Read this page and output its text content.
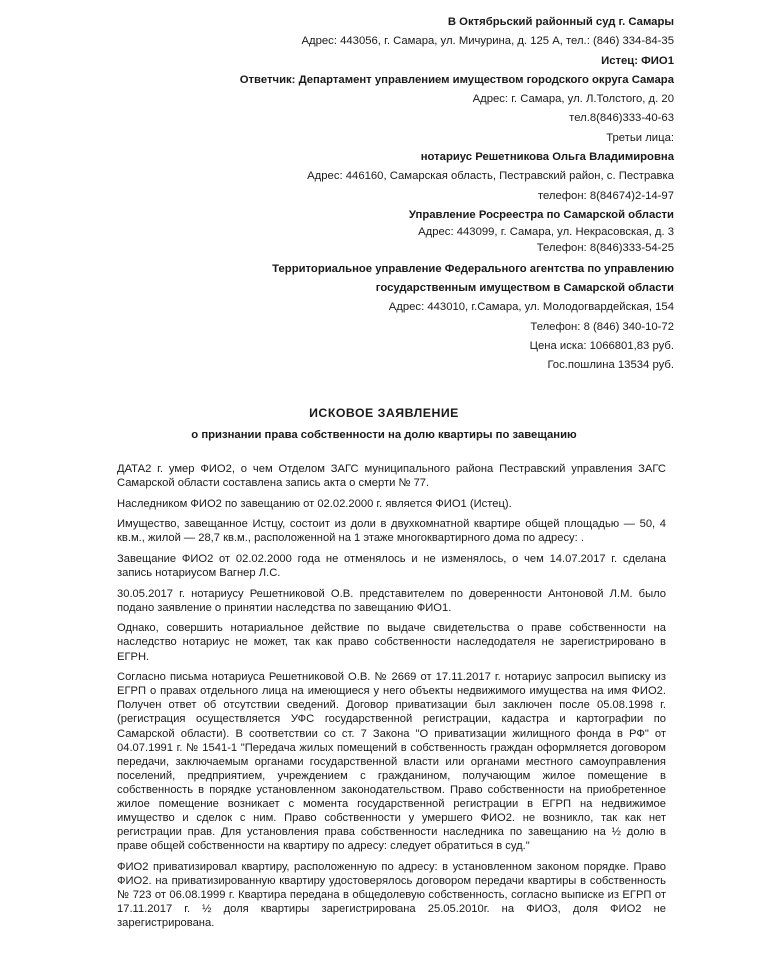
В Октябрьский районный суд г. Самары
Адрес: 443056, г. Самара, ул. Мичурина, д. 125 А, тел.: (846) 334-84-35
Истец: ФИО1
Ответчик: Департамент управлением имуществом городского округа Самара
Адрес: г. Самара, ул. Л.Толстого, д. 20
тел.8(846)333-40-63
Третьи лица:
нотариус Решетникова Ольга Владимировна
Адрес: 446160, Самарская область, Пестравский район, с. Пестравка
телефон: 8(84674)2-14-97
Управление Росреестра по Самарской области
Адрес: 443099, г. Самара, ул. Некрасовская, д. 3
Телефон: 8(846)333-54-25
Территориальное управление Федерального агентства по управлению
государственным имуществом в Самарской области
Адрес: 443010, г.Самара, ул. Молодогвардейская, 154
Телефон: 8 (846) 340-10-72
Цена иска: 1066801,83 руб.
Гос.пошлина 13534 руб.
ИСКОВОЕ ЗАЯВЛЕНИЕ
о признании права собственности на долю квартиры по завещанию

ДАТА2 г. умер ФИО2, о чем Отделом ЗАГС муниципального района Пестравский управления ЗАГС Самарской области составлена запись акта о смерти № 77.

Наследником ФИО2 по завещанию от 02.02.2000 г. является ФИО1 (Истец).

Имущество, завещанное Истцу, состоит из доли в двухкомнатной квартире общей площадью — 50, 4 кв.м., жилой — 28,7 кв.м., расположенной на 1 этаже многоквартирного дома по адресу: .

Завещание ФИО2 от 02.02.2000 года не отменялось и не изменялось, о чем 14.07.2017 г. сделана запись нотариусом Вагнер Л.С.

30.05.2017 г. нотариусу Решетниковой О.В. представителем по доверенности Антоновой Л.М. было подано заявление о принятии наследства по завещанию ФИО1.

Однако, совершить нотариальное действие по выдаче свидетельства о праве собственности на наследство нотариус не может, так как право собственности наследодателя не зарегистрировано в ЕГРН.

Согласно письма нотариуса Решетниковой О.В. № 2669 от 17.11.2017 г. нотариус запросил выписку из ЕГРП о правах отдельного лица на имеющиеся у него объекты недвижимого имущества на имя ФИО2. Получен ответ об отсутствии сведений. Договор приватизации был заключен после 05.08.1998 г. (регистрация осуществляется УФС государственной регистрации, кадастра и картографии по Самарской области). В соответствии со ст. 7 Закона "О приватизации жилищного фонда в РФ" от 04.07.1991 г. № 1541-1 "Передача жилых помещений в собственность граждан оформляется договором передачи, заключаемым органами государственной власти или органами местного самоуправления поселений, предприятием, учреждением с гражданином, получающим жилое помещение в собственность в порядке установленном законодательством. Право собственности на приобретенное жилое помещение возникает с момента государственной регистрации в ЕГРП на недвижимое имущество и сделок с ним. Право собственности у умершего ФИО2. не возникло, так как нет регистрации прав. Для установления права собственности наследника по завещанию на ½ долю в праве общей собственности на квартиру по адресу: следует обратиться в суд."

ФИО2 приватизировал квартиру, расположенную по адресу: в установленном законом порядке. Право ФИО2. на приватизированную квартиру удостоверялось договором передачи квартиры в собственность № 723 от 06.08.1999 г. Квартира передана в общедолевую собственность, согласно выписке из ЕГРП от 17.11.2017 г. ½ доля квартиры зарегистрирована 25.05.2010г. на ФИО3, доля ФИО2 не зарегистрирована.
